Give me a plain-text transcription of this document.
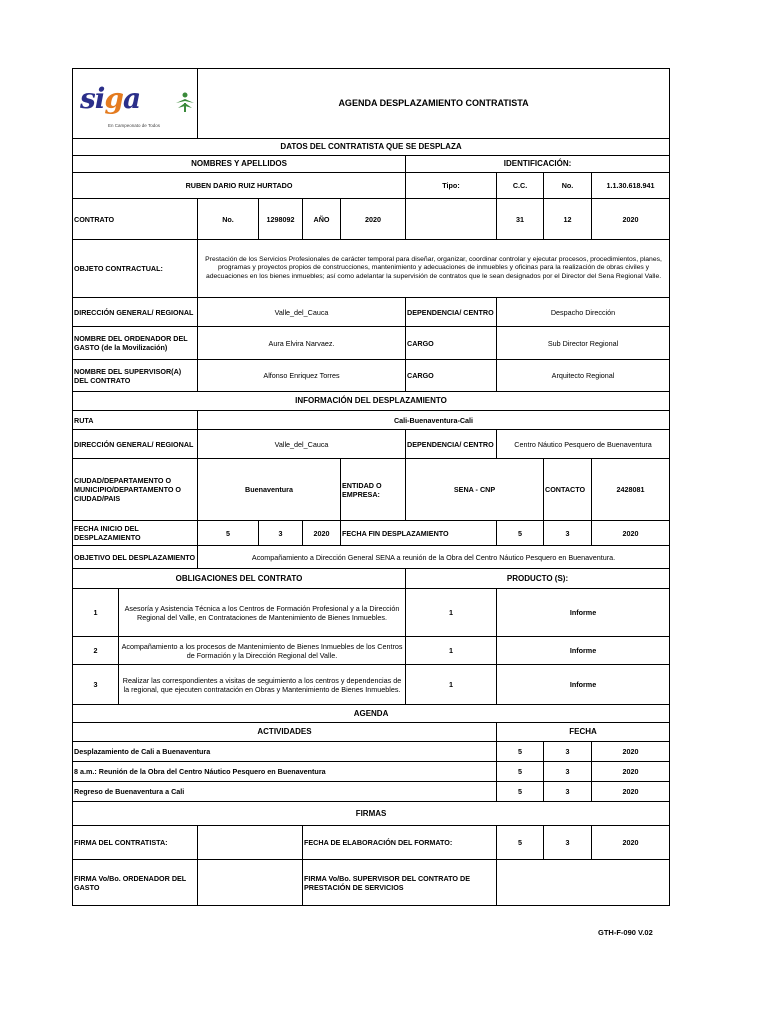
siga
En Campeonato de Todos		AGENDA DESPLAZAMIENTO CONTRATISTA							
DATOS DEL CONTRATISTA QUE SE DESPLAZA									
NOMBRES Y APELLIDOS						IDENTIFICACIÓN:			
RUBEN DARIO RUIZ HURTADO						Tipo:	C.C.	No.	1.1.30.618.941
CONTRATO		No.	1298092	AÑO	2020		31	12	2020
OBJETO CONTRACTUAL:		Prestación de los Servicios Profesionales de carácter temporal para diseñar, organizar, coordinar controlar y ejecutar procesos, procedimientos, planes, programas y proyectos propios de construcciones, mantenimiento y adecuaciones de inmuebles y oficinas para la realización de obras civiles y adecuaciones en los bienes inmuebles; así como adelantar la supervisión de contratos que le sean designados por el Director del Sena Regional Valle.							
DIRECCIÓN GENERAL/ REGIONAL		Valle_del_Cauca				DEPENDENCIA/ CENTRO	Despacho Dirección		
NOMBRE DEL ORDENADOR DEL GASTO (de la Movilización)		Aura Elvira Narvaez.				CARGO	Sub Director Regional		
NOMBRE DEL SUPERVISOR(A) DEL CONTRATO		Alfonso Enriquez Torres				CARGO	Arquitecto Regional		
INFORMACIÓN DEL DESPLAZAMIENTO									
RUTA		Cali-Buenaventura-Cali							
DIRECCIÓN GENERAL/ REGIONAL		Valle_del_Cauca				DEPENDENCIA/ CENTRO	Centro Náutico Pesquero de Buenaventura		
CIUDAD/DEPARTAMENTO O MUNICIPIO/DEPARTAMENTO O CIUDAD/PAIS		Buenaventura			ENTIDAD O EMPRESA:	SENA - CNP		CONTACTO	2428081
FECHA INICIO DEL DESPLAZAMIENTO		5	3	2020	FECHA FIN DESPLAZAMIENTO		5	3	2020
OBJETIVO DEL DESPLAZAMIENTO		Acompañamiento a Dirección General SENA a reunión de la Obra del Centro Náutico Pesquero en Buenaventura.							
OBLIGACIONES DEL CONTRATO						PRODUCTO (S):			
1	Asesoría y Asistencia Técnica a los Centros de Formación Profesional y a la Dirección Regional del Valle, en Contrataciones de Mantenimiento de Bienes Inmuebles.					1	Informe		
2	Acompañamiento a los procesos de Mantenimiento de Bienes Inmuebles de los Centros de Formación y la Dirección Regional del Valle.					1	Informe		
3	Realizar las correspondientes a visitas de seguimiento a los centros y dependencias de la regional, que ejecuten contratación en Obras y Mantenimiento de Bienes Inmuebles.					1	Informe		
AGENDA									
ACTIVIDADES							FECHA		
Desplazamiento de Cali a Buenaventura							5	3	2020
8 a.m.: Reunión de la Obra del Centro Náutico Pesquero en Buenaventura							5	3	2020
Regreso de Buenaventura a Cali							5	3	2020
FIRMAS									
FIRMA DEL CONTRATISTA:				FECHA DE ELABORACIÓN DEL FORMATO:			5	3	2020
FIRMA Vo/Bo. ORDENADOR DEL GASTO				FIRMA Vo/Bo. SUPERVISOR DEL CONTRATO DE PRESTACIÓN DE SERVICIOS					
GTH-F-090 V.02
